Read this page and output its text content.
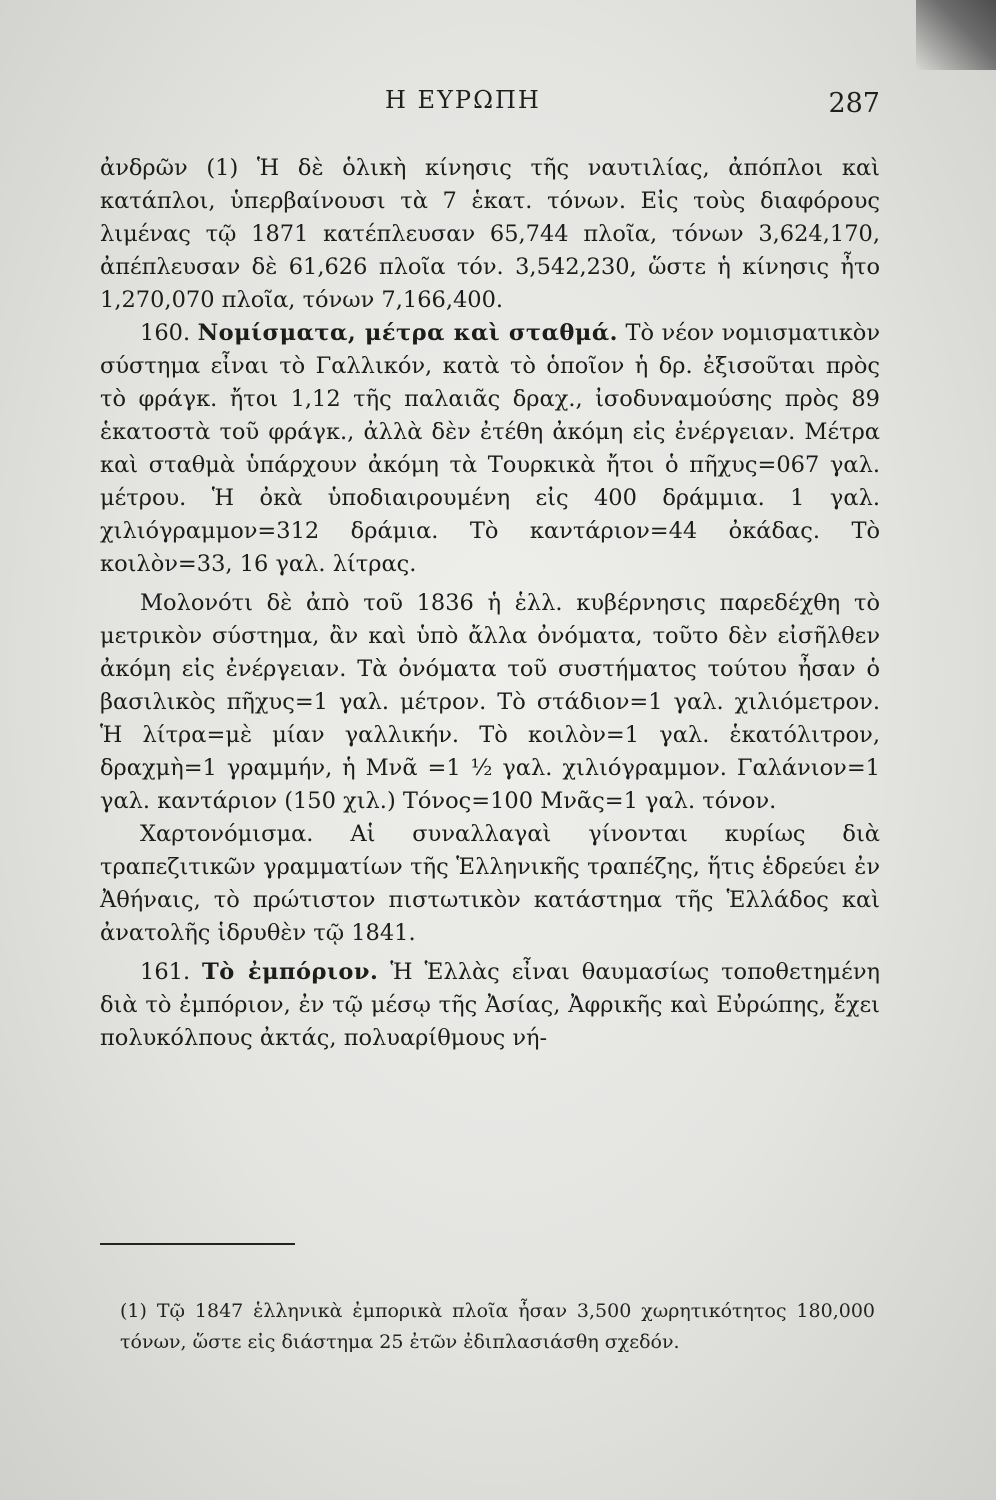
Η ΕΥΡΩΠΗ	287

ἀνδρῶν (1) Ἡ δὲ ὁλικὴ κίνησις τῆς ναυτιλίας, ἀπόπλοι καὶ κατάπλοι, ὑπερβαίνουσι τὰ 7 ἑκατ. τόνων. Εἰς τοὺς διαφόρους λιμένας τῷ 1871 κατέπλευσαν 65,744 πλοῖα, τόνων 3,624,170, ἀπέπλευσαν δὲ 61,626 πλοῖα τόν. 3,542,230, ὥστε ἡ κίνησις ἦτο 1,270,070 πλοῖα, τόνων 7,166,400.

160. Νομίσματα, μέτρα καὶ σταθμά. Τὸ νέον νομισματικὸν σύστημα εἶναι τὸ Γαλλικόν, κατὰ τὸ ὁποῖον ἡ δρ. ἐξισοῦται πρὸς τὸ φράγκ. ἤτοι 1,12 τῆς παλαιᾶς δραχ., ἰσοδυναμούσης πρὸς 89 ἑκατοστὰ τοῦ φράγκ., ἀλλὰ δὲν ἐτέθη ἀκόμη εἰς ἐνέργειαν. Μέτρα καὶ σταθμὰ ὑπάρχουν ἀκόμη τὰ Τουρκικὰ ἤτοι ὁ πῆχυς=067 γαλ. μέτρου. Ἡ ὀκὰ ὑποδιαιρουμένη εἰς 400 δράμμια. 1 γαλ. χιλιόγραμμον=312 δράμια. Τὸ καντάριον=44 ὀκάδας. Τὸ κοιλὸν=33, 16 γαλ. λίτρας.

Μολονότι δὲ ἀπὸ τοῦ 1836 ἡ ἑλλ. κυβέρνησις παρεδέχθη τὸ μετρικὸν σύστημα, ἂν καὶ ὑπὸ ἄλλα ὀνόματα, τοῦτο δὲν εἰσῆλθεν ἀκόμη εἰς ἐνέργειαν. Τὰ ὀνόματα τοῦ συστήματος τούτου ἦσαν ὁ βασιλικὸς πῆχυς=1 γαλ. μέτρον. Τὸ στάδιον=1 γαλ. χιλιόμετρον. Ἡ λίτρα=μὲ μίαν γαλλικήν. Τὸ κοιλὸν=1 γαλ. ἑκατόλιτρον, δραχμὴ=1 γραμμήν, ἡ Μνᾶ =1 ½ γαλ. χιλιόγραμμον. Γαλάνιον=1 γαλ. καντάριον (150 χιλ.) Τόνος=100 Μνᾶς=1 γαλ. τόνον.

Χαρτονόμισμα. Αἱ συναλλαγαὶ γίνονται κυρίως διὰ τραπεζιτικῶν γραμματίων τῆς Ἑλληνικῆς τραπέζης, ἥτις ἑδρεύει ἐν Ἀθήναις, τὸ πρώτιστον πιστωτικὸν κατάστημα τῆς Ἑλλάδος καὶ ἀνατολῆς ἱδρυθὲν τῷ 1841.

161. Τὸ ἐμπόριον. Ἡ Ἑλλὰς εἶναι θαυμασίως τοποθετημένη διὰ τὸ ἐμπόριον, ἐν τῷ μέσῳ τῆς Ἀσίας, Ἀφρικῆς καὶ Εὐρώπης, ἔχει πολυκόλπους ἀκτάς, πολυαρίθμους νή-

(1) Τῷ 1847 ἑλληνικὰ ἐμπορικὰ πλοῖα ἦσαν 3,500 χωρητικότητος 180,000 τόνων, ὥστε εἰς διάστημα 25 ἐτῶν ἐδιπλασιάσθη σχεδόν.
